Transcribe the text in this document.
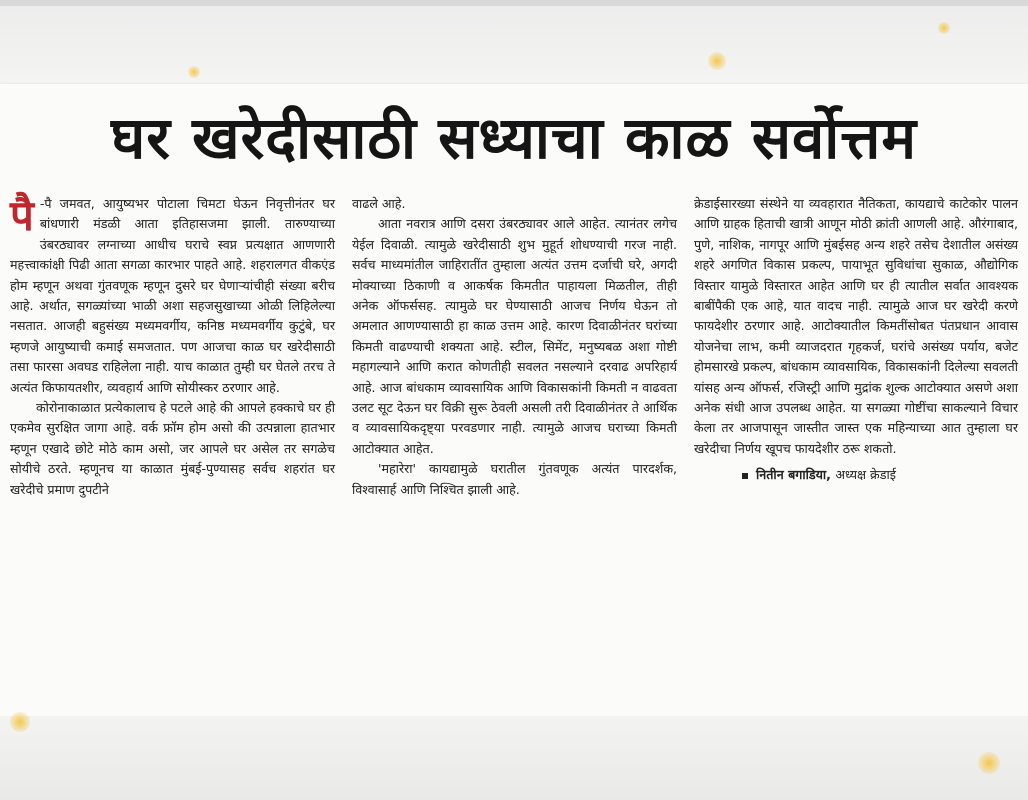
घर खरेदीसाठी सध्याचा काळ सर्वोत्तम

पै -पै जमवत, आयुष्यभर पोटाला चिमटा घेऊन निवृत्तीनंतर घर बांधणारी मंडळी आता इतिहासजमा झाली. तारुण्याच्या उंबरठ्यावर लग्नाच्या आधीच घराचे स्वप्न प्रत्यक्षात आणणारी महत्त्वाकांक्षी पिढी आता सगळा कारभार पाहते आहे. शहरालगत वीकएंड होम म्हणून अथवा गुंतवणूक म्हणून दुसरे घर घेणाऱ्यांचीही संख्या बरीच आहे. अर्थात, सगळ्यांच्या भाळी अशा सहजसुखाच्या ओळी लिहिलेल्या नसतात. आजही बहुसंख्य मध्यमवर्गीय, कनिष्ठ मध्यमवर्गीय कुटुंबे, घर म्हणजे आयुष्याची कमाई समजतात. पण आजचा काळ घर खरेदीसाठी तसा फारसा अवघड राहिलेला नाही. याच काळात तुम्ही घर घेतले तरच ते अत्यंत किफायतशीर, व्यवहार्य आणि सोयीस्कर ठरणार आहे.

कोरोनाकाळात प्रत्येकालाच हे पटले आहे की आपले हक्काचे घर ही एकमेव सुरक्षित जागा आहे. वर्क फ्रॉम होम असो की उत्पन्नाला हातभार म्हणून एखादे छोटे मोठे काम असो, जर आपले घर असेल तर सगळेच सोयीचे ठरते. म्हणूनच या काळात मुंबई-पुण्यासह सर्वच शहरांत घर खरेदीचे प्रमाण दुपटीने

वाढले आहे.

आता नवरात्र आणि दसरा उंबरठ्यावर आले आहेत. त्यानंतर लगेच येईल दिवाळी. त्यामुळे खरेदीसाठी शुभ मुहूर्त शोधण्याची गरज नाही. सर्वच माध्यमांतील जाहिरातींत तुम्हाला अत्यंत उत्तम दर्जाची घरे, अगदी मोक्याच्या ठिकाणी व आकर्षक किमतीत पाहायला मिळतील, तीही अनेक ऑफर्ससह. त्यामुळे घर घेण्यासाठी आजच निर्णय घेऊन तो अमलात आणण्यासाठी हा काळ उत्तम आहे. कारण दिवाळीनंतर घरांच्या किमती वाढण्याची शक्यता आहे. स्टील, सिमेंट, मनुष्यबळ अशा गोष्टी महागल्याने आणि करात कोणतीही सवलत नसल्याने दरवाढ अपरिहार्य आहे. आज बांधकाम व्यावसायिक आणि विकासकांनी किमती न वाढवता उलट सूट देऊन घर विक्री सुरू ठेवली असली तरी दिवाळीनंतर ते आर्थिक व व्यावसायिकदृष्ट्या परवडणार नाही. त्यामुळे आजच घराच्या किमती आटोक्यात आहेत.

'महारेरा' कायद्यामुळे घरातील गुंतवणूक अत्यंत पारदर्शक, विश्वासार्ह आणि निश्चित झाली आहे.

क्रेडाईसारख्या संस्थेने या व्यवहारात नैतिकता, कायद्याचे काटेकोर पालन आणि ग्राहक हिताची खात्री आणून मोठी क्रांती आणली आहे. औरंगाबाद, पुणे, नाशिक, नागपूर आणि मुंबईसह अन्य शहरे तसेच देशातील असंख्य शहरे अगणित विकास प्रकल्प, पायाभूत सुविधांचा सुकाळ, औद्योगिक विस्तार यामुळे विस्तारत आहेत आणि घर ही त्यातील सर्वात आवश्यक बाबींपैकी एक आहे, यात वादच नाही. त्यामुळे आज घर खरेदी करणे फायदेशीर ठरणार आहे. आटोक्यातील किमतींसोबत पंतप्रधान आवास योजनेचा लाभ, कमी व्याजदरात गृहकर्ज, घरांचे असंख्य पर्याय, बजेट होमसारखे प्रकल्प, बांधकाम व्यावसायिक, विकासकांनी दिलेल्या सवलती यांसह अन्य ऑफर्स, रजिस्ट्री आणि मुद्रांक शुल्क आटोक्यात असणे अशा अनेक संधी आज उपलब्ध आहेत. या सगळ्या गोष्टींचा साकल्याने विचार केला तर आजपासून जास्तीत जास्त एक महिन्याच्या आत तुम्हाला घर खरेदीचा निर्णय खूपच फायदेशीर ठरू शकतो.

नितीन बगाडिया, अध्यक्ष क्रेडाई
